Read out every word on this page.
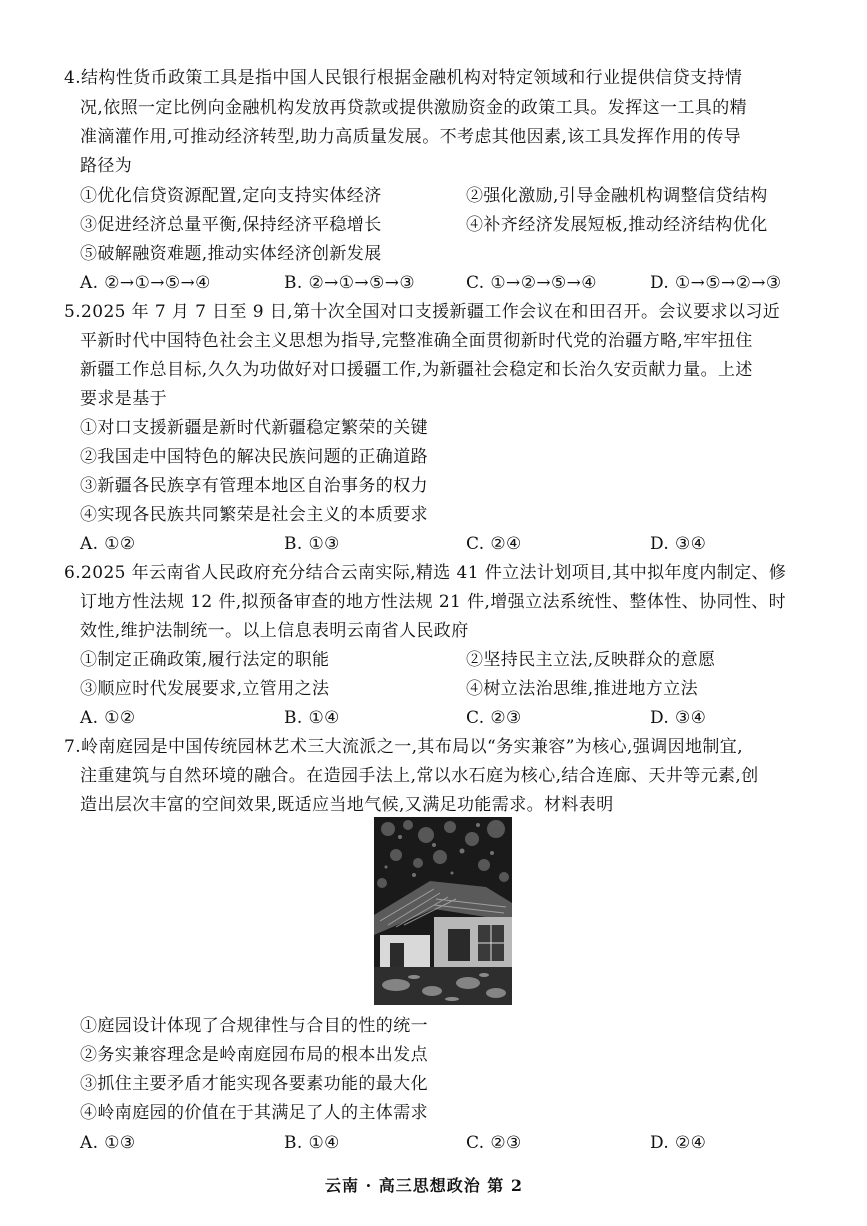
4.结构性货币政策工具是指中国人民银行根据金融机构对特定领域和行业提供信贷支持情
况,依照一定比例向金融机构发放再贷款或提供激励资金的政策工具。发挥这一工具的精
准滴灌作用,可推动经济转型,助力高质量发展。不考虑其他因素,该工具发挥作用的传导
路径为
①优化信贷资源配置,定向支持实体经济	②强化激励,引导金融机构调整信贷结构
③促进经济总量平衡,保持经济平稳增长	④补齐经济发展短板,推动经济结构优化
⑤破解融资难题,推动实体经济创新发展
A. ②→①→⑤→④	B. ②→①→⑤→③	C. ①→②→⑤→④	D. ①→⑤→②→③
5.2025 年 7 月 7 日至 9 日,第十次全国对口支援新疆工作会议在和田召开。会议要求以习近
平新时代中国特色社会主义思想为指导,完整准确全面贯彻新时代党的治疆方略,牢牢扭住
新疆工作总目标,久久为功做好对口援疆工作,为新疆社会稳定和长治久安贡献力量。上述
要求是基于
①对口支援新疆是新时代新疆稳定繁荣的关键
②我国走中国特色的解决民族问题的正确道路
③新疆各民族享有管理本地区自治事务的权力
④实现各民族共同繁荣是社会主义的本质要求
A. ①②	B. ①③	C. ②④	D. ③④
6.2025 年云南省人民政府充分结合云南实际,精选 41 件立法计划项目,其中拟年度内制定、修
订地方性法规 12 件,拟预备审查的地方性法规 21 件,增强立法系统性、整体性、协同性、时
效性,维护法制统一。以上信息表明云南省人民政府
①制定正确政策,履行法定的职能	②坚持民主立法,反映群众的意愿
③顺应时代发展要求,立管用之法	④树立法治思维,推进地方立法
A. ①②	B. ①④	C. ②③	D. ③④
7.岭南庭园是中国传统园林艺术三大流派之一,其布局以“务实兼容”为核心,强调因地制宜,
注重建筑与自然环境的融合。在造园手法上,常以水石庭为核心,结合连廊、天井等元素,创
造出层次丰富的空间效果,既适应当地气候,又满足功能需求。材料表明
①庭园设计体现了合规律性与合目的性的统一
②务实兼容理念是岭南庭园布局的根本出发点
③抓住主要矛盾才能实现各要素功能的最大化
④岭南庭园的价值在于其满足了人的主体需求
A. ①③	B. ①④	C. ②③	D. ②④
云南 · 高三思想政治 第 2
